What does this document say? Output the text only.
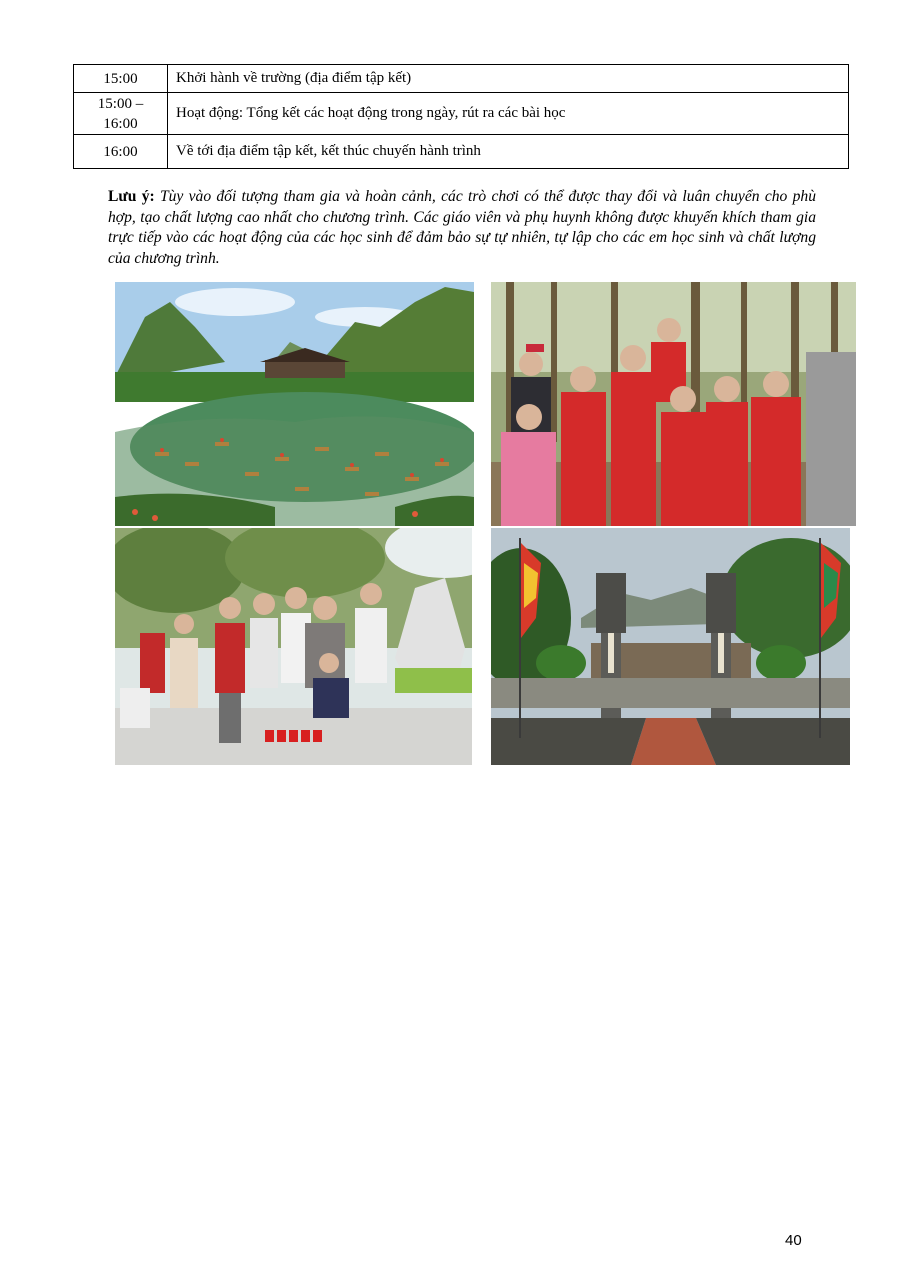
15:00	Khởi hành về trường (địa điểm tập kết)

15:00 –
16:00	Hoạt động: Tổng kết các hoạt động trong ngày, rút ra các bài học
16:00	Về tới địa điểm tập kết, kết thúc chuyến hành trình
Lưu ý: Tùy vào đối tượng tham gia và hoàn cảnh, các trò chơi có thể được thay đổi và luân chuyển cho phù hợp, tạo chất lượng cao nhất cho chương trình. Các giáo viên và phụ huynh không được khuyến khích tham gia trực tiếp vào các hoạt động của các học sinh để đảm bảo sự tự nhiên, tự lập cho các em học sinh và chất lượng của chương trình.
40
